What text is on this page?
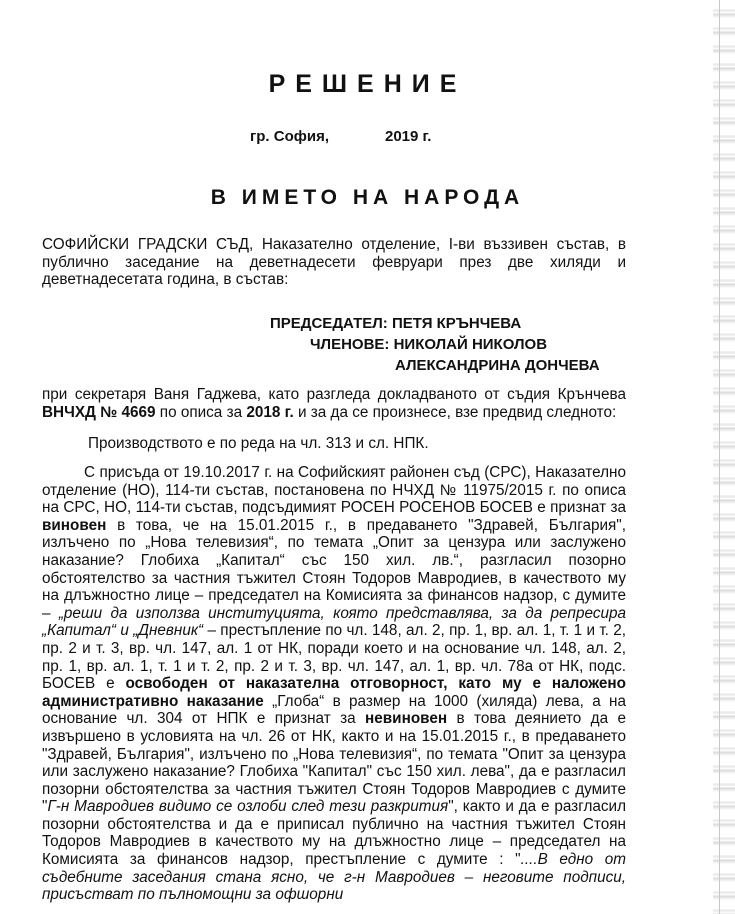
РЕШЕНИЕ
гр. София,	2019 г.
В ИМЕТО НА НАРОДА

СОФИЙСКИ ГРАДСКИ СЪД, Наказателно отделение, I-ви въззивен състав, в публично заседание на деветнадесети февруари през две хиляди и деветнадесетата година, в състав:

ПРЕДСЕДАТЕЛ: ПЕТЯ КРЪНЧЕВА
ЧЛЕНОВЕ: НИКОЛАЙ НИКОЛОВ
АЛЕКСАНДРИНА ДОНЧЕВА

при секретаря Ваня Гаджева, като разгледа докладваното от съдия Крънчева ВНЧХД № 4669 по описа за 2018 г. и за да се произнесе, взе предвид следното:

Производството е по реда на чл. 313 и сл. НПК.

С присъда от 19.10.2017 г. на Софийският районен съд (СРС), Наказателно отделение (НО), 114-ти състав, постановена по НЧХД № 11975/2015 г. по описа на СРС, НО, 114-ти състав, подсъдимият РОСЕН РОСЕНОВ БОСЕВ е признат за виновен в това, че на 15.01.2015 г., в предаването "Здравей, България", излъчено по „Нова телевизия“, по темата „Опит за цензура или заслужено наказание? Глобиха „Капитал“ със 150 хил. лв.“, разгласил позорно обстоятелство за частния тъжител Стоян Тодоров Мавродиев, в качеството му на длъжностно лице – председател на Комисията за финансов надзор, с думите – „реши да използва институцията, която представлява, за да репресира „Капитал“ и „Дневник“ – престъпление по чл. 148, ал. 2, пр. 1, вр. ал. 1, т. 1 и т. 2, пр. 2 и т. 3, вр. чл. 147, ал. 1 от НК, поради което и на основание чл. 148, ал. 2, пр. 1, вр. ал. 1, т. 1 и т. 2, пр. 2 и т. 3, вр. чл. 147, ал. 1, вр. чл. 78а от НК, подс. БОСЕВ е освободен от наказателна отговорност, като му е наложено административно наказание „Глоба“ в размер на 1000 (хиляда) лева, а на основание чл. 304 от НПК е признат за невиновен в това деянието да е извършено в условията на чл. 26 от НК, както и на 15.01.2015 г., в предаването "Здравей, България", излъчено по „Нова телевизия“, по темата "Опит за цензура или заслужено наказание? Глобиха "Капитал" със 150 хил. лева", да е разгласил позорни обстоятелства за частния тъжител Стоян Тодоров Мавродиев с думите "Г-н Мавродиев видимо се озлоби след тези разкрития", както и да е разгласил позорни обстоятелства и да е приписал публично на частния тъжител Стоян Тодоров Мавродиев в качеството му на длъжностно лице – председател на Комисията за финансов надзор, престъпление с думите : "....В едно от съдебните заседания стана ясно, че г-н Мавродиев – неговите подписи, присъстват по пълномощни за офшорни
